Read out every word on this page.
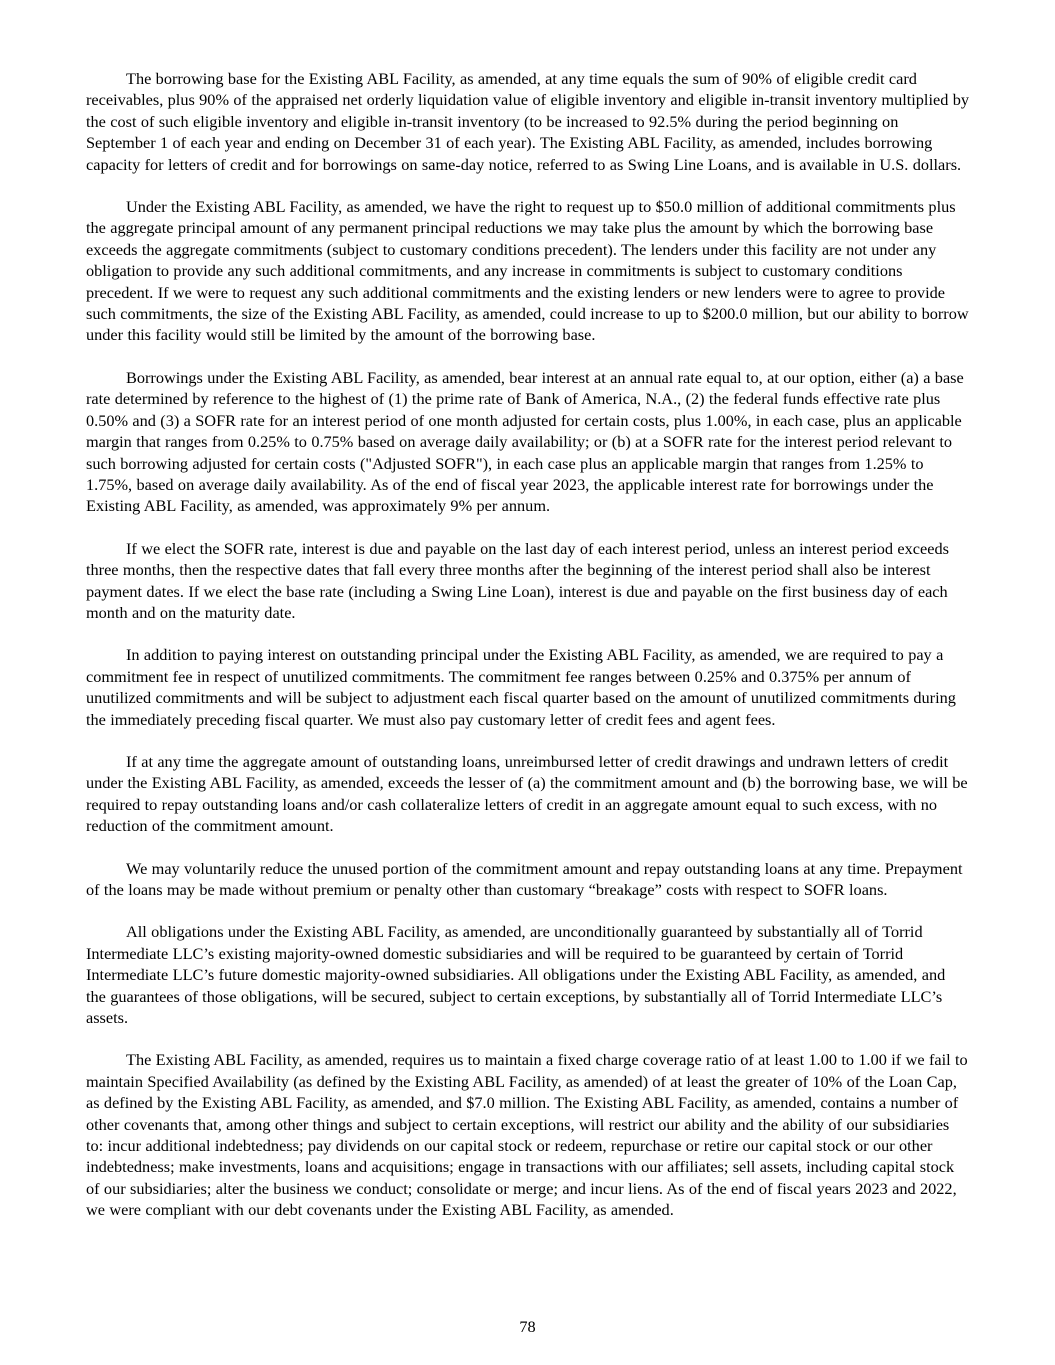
The borrowing base for the Existing ABL Facility, as amended, at any time equals the sum of 90% of eligible credit card receivables, plus 90% of the appraised net orderly liquidation value of eligible inventory and eligible in-transit inventory multiplied by the cost of such eligible inventory and eligible in-transit inventory (to be increased to 92.5% during the period beginning on September 1 of each year and ending on December 31 of each year). The Existing ABL Facility, as amended, includes borrowing capacity for letters of credit and for borrowings on same-day notice, referred to as Swing Line Loans, and is available in U.S. dollars.

Under the Existing ABL Facility, as amended, we have the right to request up to $50.0 million of additional commitments plus the aggregate principal amount of any permanent principal reductions we may take plus the amount by which the borrowing base exceeds the aggregate commitments (subject to customary conditions precedent). The lenders under this facility are not under any obligation to provide any such additional commitments, and any increase in commitments is subject to customary conditions precedent. If we were to request any such additional commitments and the existing lenders or new lenders were to agree to provide such commitments, the size of the Existing ABL Facility, as amended, could increase to up to $200.0 million, but our ability to borrow under this facility would still be limited by the amount of the borrowing base.

Borrowings under the Existing ABL Facility, as amended, bear interest at an annual rate equal to, at our option, either (a) a base rate determined by reference to the highest of (1) the prime rate of Bank of America, N.A., (2) the federal funds effective rate plus 0.50% and (3) a SOFR rate for an interest period of one month adjusted for certain costs, plus 1.00%, in each case, plus an applicable margin that ranges from 0.25% to 0.75% based on average daily availability; or (b) at a SOFR rate for the interest period relevant to such borrowing adjusted for certain costs ("Adjusted SOFR"), in each case plus an applicable margin that ranges from 1.25% to 1.75%, based on average daily availability. As of the end of fiscal year 2023, the applicable interest rate for borrowings under the Existing ABL Facility, as amended, was approximately 9% per annum.

If we elect the SOFR rate, interest is due and payable on the last day of each interest period, unless an interest period exceeds three months, then the respective dates that fall every three months after the beginning of the interest period shall also be interest payment dates. If we elect the base rate (including a Swing Line Loan), interest is due and payable on the first business day of each month and on the maturity date.

In addition to paying interest on outstanding principal under the Existing ABL Facility, as amended, we are required to pay a commitment fee in respect of unutilized commitments. The commitment fee ranges between 0.25% and 0.375% per annum of unutilized commitments and will be subject to adjustment each fiscal quarter based on the amount of unutilized commitments during the immediately preceding fiscal quarter. We must also pay customary letter of credit fees and agent fees.

If at any time the aggregate amount of outstanding loans, unreimbursed letter of credit drawings and undrawn letters of credit under the Existing ABL Facility, as amended, exceeds the lesser of (a) the commitment amount and (b) the borrowing base, we will be required to repay outstanding loans and/or cash collateralize letters of credit in an aggregate amount equal to such excess, with no reduction of the commitment amount.

We may voluntarily reduce the unused portion of the commitment amount and repay outstanding loans at any time. Prepayment of the loans may be made without premium or penalty other than customary “breakage” costs with respect to SOFR loans.

All obligations under the Existing ABL Facility, as amended, are unconditionally guaranteed by substantially all of Torrid Intermediate LLC’s existing majority-owned domestic subsidiaries and will be required to be guaranteed by certain of Torrid Intermediate LLC’s future domestic majority-owned subsidiaries. All obligations under the Existing ABL Facility, as amended, and the guarantees of those obligations, will be secured, subject to certain exceptions, by substantially all of Torrid Intermediate LLC’s assets.

The Existing ABL Facility, as amended, requires us to maintain a fixed charge coverage ratio of at least 1.00 to 1.00 if we fail to maintain Specified Availability (as defined by the Existing ABL Facility, as amended) of at least the greater of 10% of the Loan Cap, as defined by the Existing ABL Facility, as amended, and $7.0 million. The Existing ABL Facility, as amended, contains a number of other covenants that, among other things and subject to certain exceptions, will restrict our ability and the ability of our subsidiaries to: incur additional indebtedness; pay dividends on our capital stock or redeem, repurchase or retire our capital stock or our other indebtedness; make investments, loans and acquisitions; engage in transactions with our affiliates; sell assets, including capital stock of our subsidiaries; alter the business we conduct; consolidate or merge; and incur liens. As of the end of fiscal years 2023 and 2022, we were compliant with our debt covenants under the Existing ABL Facility, as amended.

78
